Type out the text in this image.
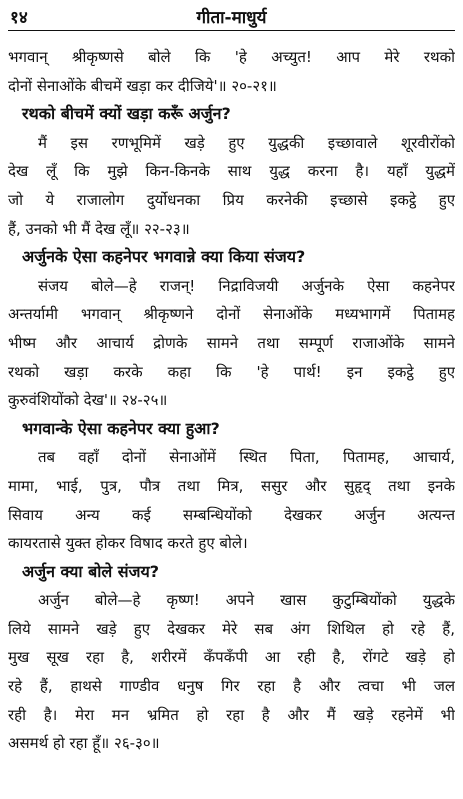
१४	गीता-माधुर्य
भगवान् श्रीकृष्णसे बोले कि 'हे अच्युत! आप मेरे रथको
दोनों सेनाओंके बीचमें खड़ा कर दीजिये'॥ २०-२१॥
रथको बीचमें क्यों खड़ा करूँ अर्जुन?
मैं इस रणभूमिमें खड़े हुए युद्धकी इच्छावाले शूरवीरोंको
देख लूँ कि मुझे किन-किनके साथ युद्ध करना है। यहाँ युद्धमें
जो ये राजालोग दुर्योधनका प्रिय करनेकी इच्छासे इकट्ठे हुए
हैं, उनको भी मैं देख लूँ॥ २२-२३॥
अर्जुनके ऐसा कहनेपर भगवान्ने क्या किया संजय?
संजय बोले—हे राजन्! निद्राविजयी अर्जुनके ऐसा कहनेपर
अन्तर्यामी भगवान् श्रीकृष्णने दोनों सेनाओंके मध्यभागमें पितामह
भीष्म और आचार्य द्रोणके सामने तथा सम्पूर्ण राजाओंके सामने
रथको खड़ा करके कहा कि 'हे पार्थ! इन इकट्ठे हुए
कुरुवंशियोंको देख'॥ २४-२५॥
भगवान्के ऐसा कहनेपर क्या हुआ?
तब वहाँ दोनों सेनाओंमें स्थित पिता, पितामह, आचार्य,
मामा, भाई, पुत्र, पौत्र तथा मित्र, ससुर और सुहृद् तथा इनके
सिवाय अन्य कई सम्बन्धियोंको देखकर अर्जुन अत्यन्त
कायरतासे युक्त होकर विषाद करते हुए बोले।
अर्जुन क्या बोले संजय?
अर्जुन बोले—हे कृष्ण! अपने खास कुटुम्बियोंको युद्धके
लिये सामने खड़े हुए देखकर मेरे सब अंग शिथिल हो रहे हैं,
मुख सूख रहा है, शरीरमें कँपकँपी आ रही है, रोंगटे खड़े हो
रहे हैं, हाथसे गाण्डीव धनुष गिर रहा है और त्वचा भी जल
रही है। मेरा मन भ्रमित हो रहा है और मैं खड़े रहनेमें भी
असमर्थ हो रहा हूँ॥ २६-३०॥
